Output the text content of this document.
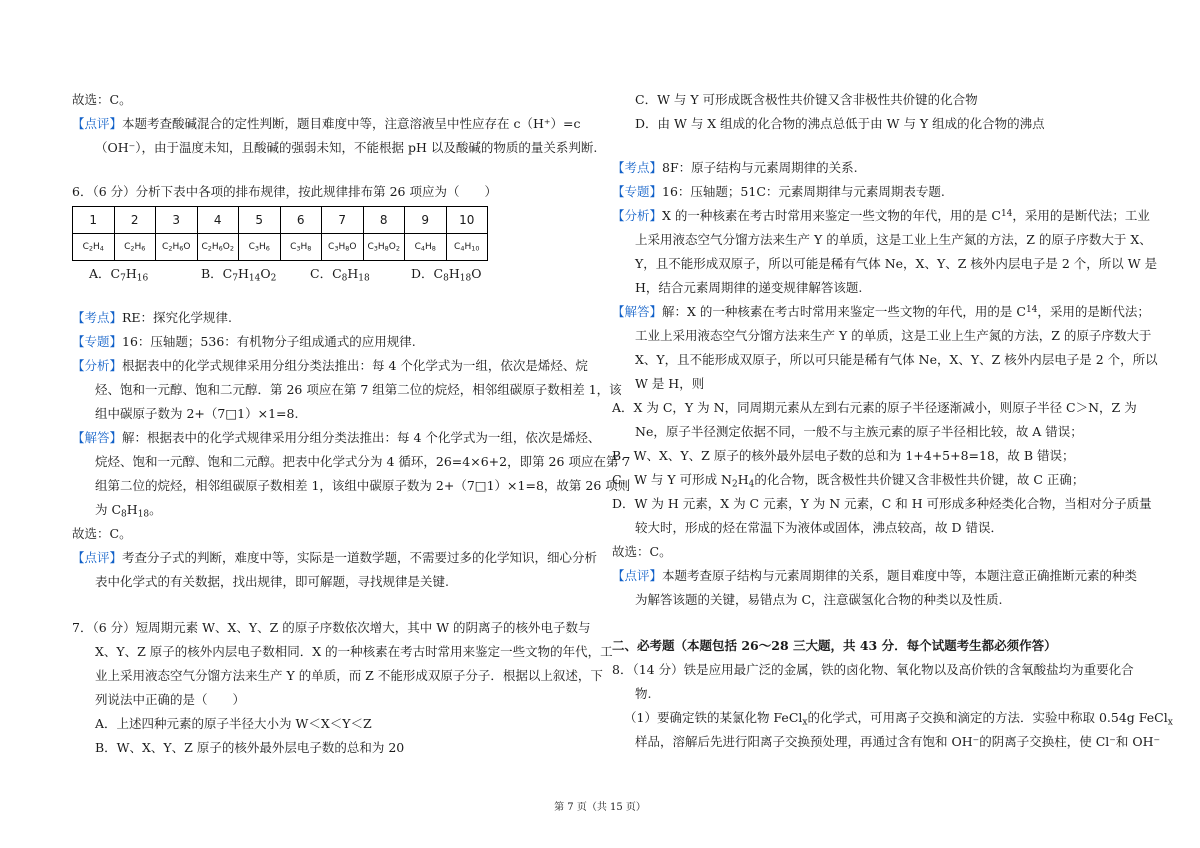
故选：C。
【点评】本题考查酸碱混合的定性判断，题目难度中等，注意溶液呈中性应存在 c（H⁺）=c
（OH⁻），由于温度未知，且酸碱的强弱未知，不能根据 pH 以及酸碱的物质的量关系判断.
6．（6 分）分析下表中各项的排布规律，按此规律排布第 26 项应为（　　）
1	2	3	4	5	6	7	8	9	10
$C_2H_4$	$C_2H_6$	$C_2H_6O$	$C_2H_6O_2$	$C_3H_6$	$C_3H_8$	$C_3H_8O$	$C_3H_8O_2$	$C_4H_8$	$C_4H_{10}$
A．$C_7H_{16}$	B．$C_7H_{14}O_2$	C．$C_8H_{18}$	D．$C_8H_{18}O$
【考点】RE：探究化学规律.
【专题】16：压轴题；536：有机物分子组成通式的应用规律.
【分析】根据表中的化学式规律采用分组分类法推出：每 4 个化学式为一组，依次是烯烃、烷
烃、饱和一元醇、饱和二元醇．第 26 项应在第 7 组第二位的烷烃，相邻组碳原子数相差 1，该
组中碳原子数为 2+（7□1）×1=8.
【解答】解：根据表中的化学式规律采用分组分类法推出：每 4 个化学式为一组，依次是烯烃、
烷烃、饱和一元醇、饱和二元醇。把表中化学式分为 4 循环，26=4×6+2，即第 26 项应在第 7
组第二位的烷烃，相邻组碳原子数相差 1，该组中碳原子数为 2+（7□1）×1=8，故第 26 项则
为 $C_8H_{18}$。
故选：C。
【点评】考查分子式的判断，难度中等，实际是一道数学题，不需要过多的化学知识，细心分析
表中化学式的有关数据，找出规律，即可解题，寻找规律是关键.
7．（6 分）短周期元素 W、X、Y、Z 的原子序数依次增大，其中 W 的阴离子的核外电子数与
X、Y、Z 原子的核外内层电子数相同．X 的一种核素在考古时常用来鉴定一些文物的年代，工
业上采用液态空气分馏方法来生产 Y 的单质，而 Z 不能形成双原子分子．根据以上叙述，下
列说法中正确的是（　　）
A．上述四种元素的原子半径大小为 W＜X＜Y＜Z
B．W、X、Y、Z 原子的核外最外层电子数的总和为 20
C．W 与 Y 可形成既含极性共价键又含非极性共价键的化合物
D．由 W 与 X 组成的化合物的沸点总低于由 W 与 Y 组成的化合物的沸点
【考点】8F：原子结构与元素周期律的关系.
【专题】16：压轴题；51C：元素周期律与元素周期表专题.
【分析】X 的一种核素在考古时常用来鉴定一些文物的年代，用的是 $C^{14}$，采用的是断代法；工业
上采用液态空气分馏方法来生产 Y 的单质，这是工业上生产氮的方法，Z 的原子序数大于 X、
Y，且不能形成双原子，所以可能是稀有气体 Ne，X、Y、Z 核外内层电子是 2 个，所以 W 是
H，结合元素周期律的递变规律解答该题.
【解答】解：X 的一种核素在考古时常用来鉴定一些文物的年代，用的是 $C^{14}$，采用的是断代法；
工业上采用液态空气分馏方法来生产 Y 的单质，这是工业上生产氮的方法，Z 的原子序数大于
X、Y，且不能形成双原子，所以可只能是稀有气体 Ne，X、Y、Z 核外内层电子是 2 个，所以
W 是 H，则
A．X 为 C，Y 为 N，同周期元素从左到右元素的原子半径逐渐减小，则原子半径 C＞N，Z 为
Ne，原子半径测定依据不同，一般不与主族元素的原子半径相比较，故 A 错误；
B．W、X、Y、Z 原子的核外最外层电子数的总和为 1+4+5+8=18，故 B 错误；
C．W 与 Y 可形成 $N_2H_4$的化合物，既含极性共价键又含非极性共价键，故 C 正确；
D．W 为 H 元素，X 为 C 元素，Y 为 N 元素，C 和 H 可形成多种烃类化合物，当相对分子质量
较大时，形成的烃在常温下为液体或固体，沸点较高，故 D 错误．
故选：C。
【点评】本题考查原子结构与元素周期律的关系，题目难度中等，本题注意正确推断元素的种类
为解答该题的关键，易错点为 C，注意碳氢化合物的种类以及性质.
二、必考题（本题包括 26～28 三大题，共 43 分．每个试题考生都必须作答）
8．（14 分）铁是应用最广泛的金属，铁的卤化物、氧化物以及高价铁的含氧酸盐均为重要化合
物.
（1）要确定铁的某氯化物 FeCl$_x$的化学式，可用离子交换和滴定的方法．实验中称取 0.54g FeCl$_x$
样品，溶解后先进行阳离子交换预处理，再通过含有饱和 OH⁻的阴离子交换柱，使 Cl⁻和 OH⁻
第 7 页（共 15 页）
